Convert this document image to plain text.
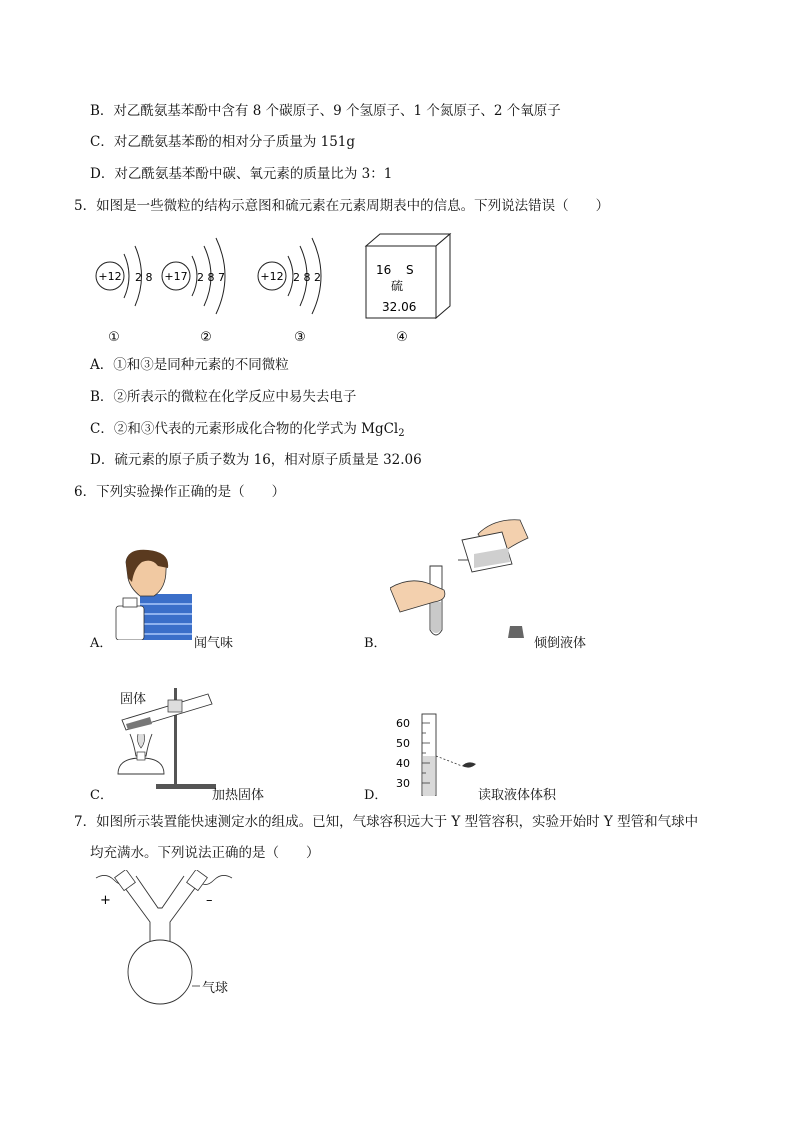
B．对乙酰氨基苯酚中含有 8 个碳原子、9 个氢原子、1 个氮原子、2 个氧原子
C．对乙酰氨基苯酚的相对分子质量为 151g
D．对乙酰氨基苯酚中碳、氧元素的质量比为 3：1
5．如图是一些微粒的结构示意图和硫元素在元素周期表中的信息。下列说法错误（　　）
+12 2 8 +17 2 8 7	+12 2 8 2
16 S
硫
32.06
①	②	③	④
A．①和③是同种元素的不同微粒
B．②所表示的微粒在化学反应中易失去电子
C．②和③代表的元素形成化合物的化学式为 MgCl$_2$
D．硫元素的原子质子数为 16，相对原子质量是 32.06
6．下列实验操作正确的是（　　）
A．	闻气味	B．	倾倒液体
固体
C．	加热固体
60
50
40
30
D．	读取液体体积
7．如图所示装置能快速测定水的组成。已知，气球容积远大于 Y 型管容积，实验开始时 Y 型管和气球中
均充满水。下列说法正确的是（　　）
+	–
气球
